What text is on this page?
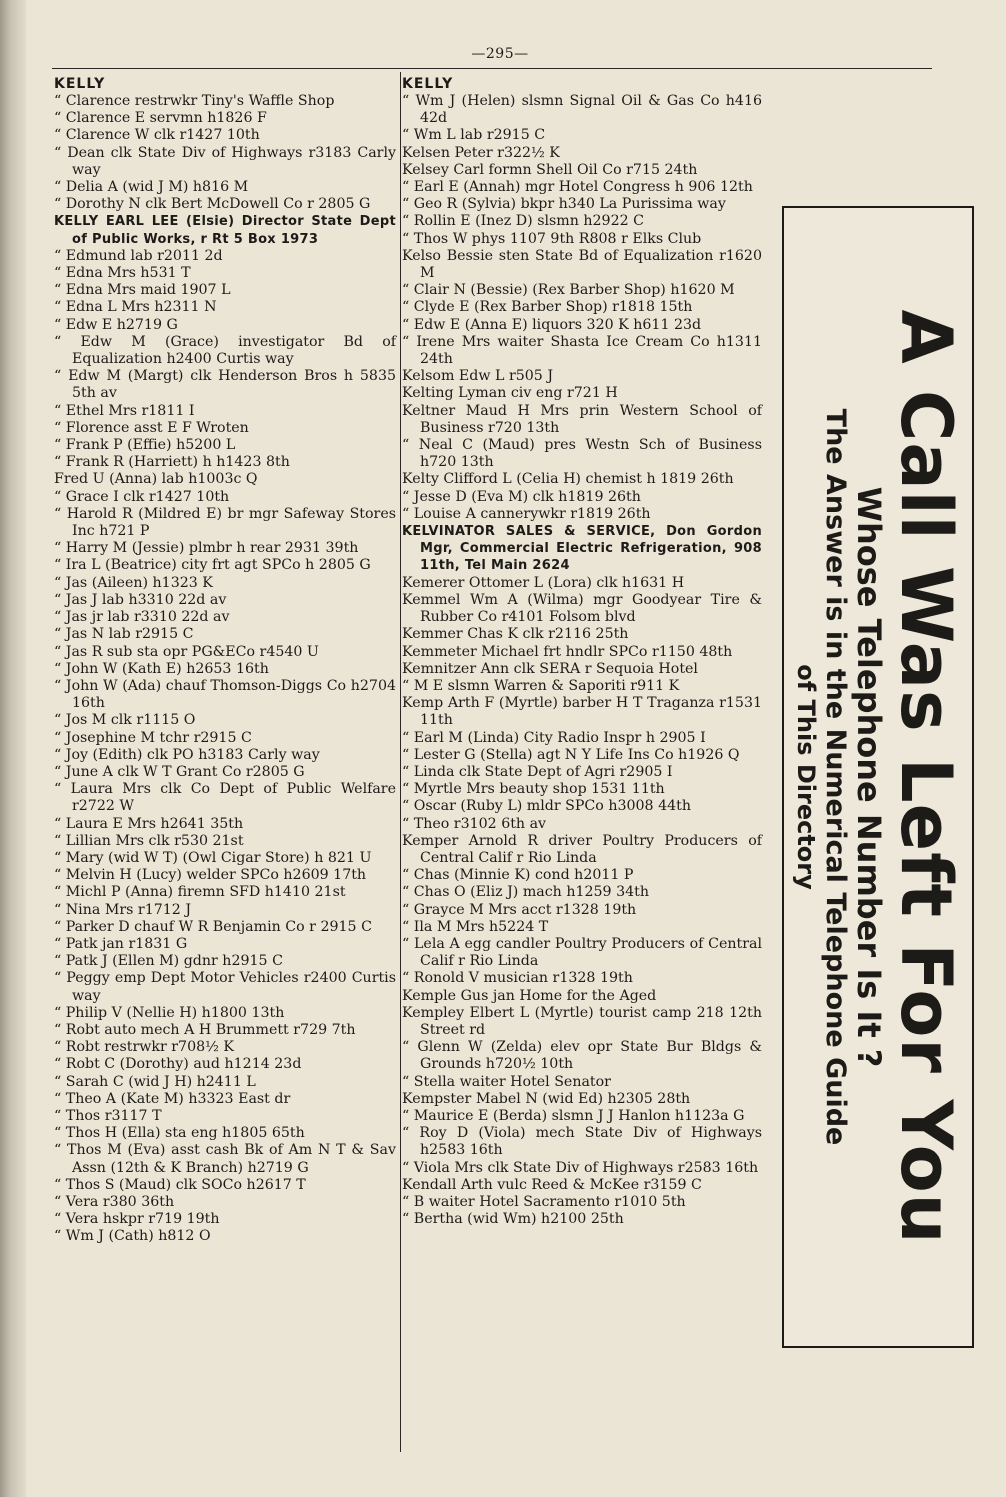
—295—
KELLY
“ Clarence restrwkr Tiny's Waffle Shop
“ Clarence E servmn h1826 F
“ Clarence W clk r1427 10th
“ Dean clk State Div of Highways r3183 Carly way
“ Delia A (wid J M) h816 M
“ Dorothy N clk Bert McDowell Co r 2805 G
KELLY EARL LEE (Elsie) Director State Dept of Public Works, r Rt 5 Box 1973
“ Edmund lab r2011 2d
“ Edna Mrs h531 T
“ Edna Mrs maid 1907 L
“ Edna L Mrs h2311 N
“ Edw E h2719 G
“ Edw M (Grace) investigator Bd of Equalization h2400 Curtis way
“ Edw M (Margt) clk Henderson Bros h 5835 5th av
“ Ethel Mrs r1811 I
“ Florence asst E F Wroten
“ Frank P (Effie) h5200 L
“ Frank R (Harriett) h h1423 8th
Fred U (Anna) lab h1003c Q
“ Grace I clk r1427 10th
“ Harold R (Mildred E) br mgr Safeway Stores Inc h721 P
“ Harry M (Jessie) plmbr h rear 2931 39th
“ Ira L (Beatrice) city frt agt SPCo h 2805 G
“ Jas (Aileen) h1323 K
“ Jas J lab h3310 22d av
“ Jas jr lab r3310 22d av
“ Jas N lab r2915 C
“ Jas R sub sta opr PG&ECo r4540 U
“ John W (Kath E) h2653 16th
“ John W (Ada) chauf Thomson-Diggs Co h2704 16th
“ Jos M clk r1115 O
“ Josephine M tchr r2915 C
“ Joy (Edith) clk PO h3183 Carly way
“ June A clk W T Grant Co r2805 G
“ Laura Mrs clk Co Dept of Public Welfare r2722 W
“ Laura E Mrs h2641 35th
“ Lillian Mrs clk r530 21st
“ Mary (wid W T) (Owl Cigar Store) h 821 U
“ Melvin H (Lucy) welder SPCo h2609 17th
“ Michl P (Anna) firemn SFD h1410 21st
“ Nina Mrs r1712 J
“ Parker D chauf W R Benjamin Co r 2915 C
“ Patk jan r1831 G
“ Patk J (Ellen M) gdnr h2915 C
“ Peggy emp Dept Motor Vehicles r2400 Curtis way
“ Philip V (Nellie H) h1800 13th
“ Robt auto mech A H Brummett r729 7th
“ Robt restrwkr r708½ K
“ Robt C (Dorothy) aud h1214 23d
“ Sarah C (wid J H) h2411 L
“ Theo A (Kate M) h3323 East dr
“ Thos r3117 T
“ Thos H (Ella) sta eng h1805 65th
“ Thos M (Eva) asst cash Bk of Am N T & Sav Assn (12th & K Branch) h2719 G
“ Thos S (Maud) clk SOCo h2617 T
“ Vera r380 36th
“ Vera hskpr r719 19th
“ Wm J (Cath) h812 O
KELLY
“ Wm J (Helen) slsmn Signal Oil & Gas Co h416 42d
“ Wm L lab r2915 C
Kelsen Peter r322½ K
Kelsey Carl formn Shell Oil Co r715 24th
“ Earl E (Annah) mgr Hotel Congress h 906 12th
“ Geo R (Sylvia) bkpr h340 La Purissima way
“ Rollin E (Inez D) slsmn h2922 C
“ Thos W phys 1107 9th R808 r Elks Club
Kelso Bessie sten State Bd of Equalization r1620 M
“ Clair N (Bessie) (Rex Barber Shop) h1620 M
“ Clyde E (Rex Barber Shop) r1818 15th
“ Edw E (Anna E) liquors 320 K h611 23d
“ Irene Mrs waiter Shasta Ice Cream Co h1311 24th
Kelsom Edw L r505 J
Kelting Lyman civ eng r721 H
Keltner Maud H Mrs prin Western School of Business r720 13th
“ Neal C (Maud) pres Westn Sch of Business h720 13th
Kelty Clifford L (Celia H) chemist h 1819 26th
“ Jesse D (Eva M) clk h1819 26th
“ Louise A cannerywkr r1819 26th
KELVINATOR SALES & SERVICE, Don Gordon Mgr, Commercial Electric Refrigeration, 908 11th, Tel Main 2624
Kemerer Ottomer L (Lora) clk h1631 H
Kemmel Wm A (Wilma) mgr Goodyear Tire & Rubber Co r4101 Folsom blvd
Kemmer Chas K clk r2116 25th
Kemmeter Michael frt hndlr SPCo r1150 48th
Kemnitzer Ann clk SERA r Sequoia Hotel
“ M E slsmn Warren & Saporiti r911 K
Kemp Arth F (Myrtle) barber H T Traganza r1531 11th
“ Earl M (Linda) City Radio Inspr h 2905 I
“ Lester G (Stella) agt N Y Life Ins Co h1926 Q
“ Linda clk State Dept of Agri r2905 I
“ Myrtle Mrs beauty shop 1531 11th
“ Oscar (Ruby L) mldr SPCo h3008 44th
“ Theo r3102 6th av
Kemper Arnold R driver Poultry Producers of Central Calif r Rio Linda
“ Chas (Minnie K) cond h2011 P
“ Chas O (Eliz J) mach h1259 34th
“ Grayce M Mrs acct r1328 19th
“ Ila M Mrs h5224 T
“ Lela A egg candler Poultry Producers of Central Calif r Rio Linda
“ Ronold V musician r1328 19th
Kemple Gus jan Home for the Aged
Kempley Elbert L (Myrtle) tourist camp 218 12th Street rd
“ Glenn W (Zelda) elev opr State Bur Bldgs & Grounds h720½ 10th
“ Stella waiter Hotel Senator
Kempster Mabel N (wid Ed) h2305 28th
“ Maurice E (Berda) slsmn J J Hanlon h1123a G
“ Roy D (Viola) mech State Div of Highways h2583 16th
“ Viola Mrs clk State Div of Highways r2583 16th
Kendall Arth vulc Reed & McKee r3159 C
“ B waiter Hotel Sacramento r1010 5th
“ Bertha (wid Wm) h2100 25th	A Call Was Left For You
Whose Telephone Number Is It ?
The Answer is in the Numerical Telephone Guide
of This Directory
